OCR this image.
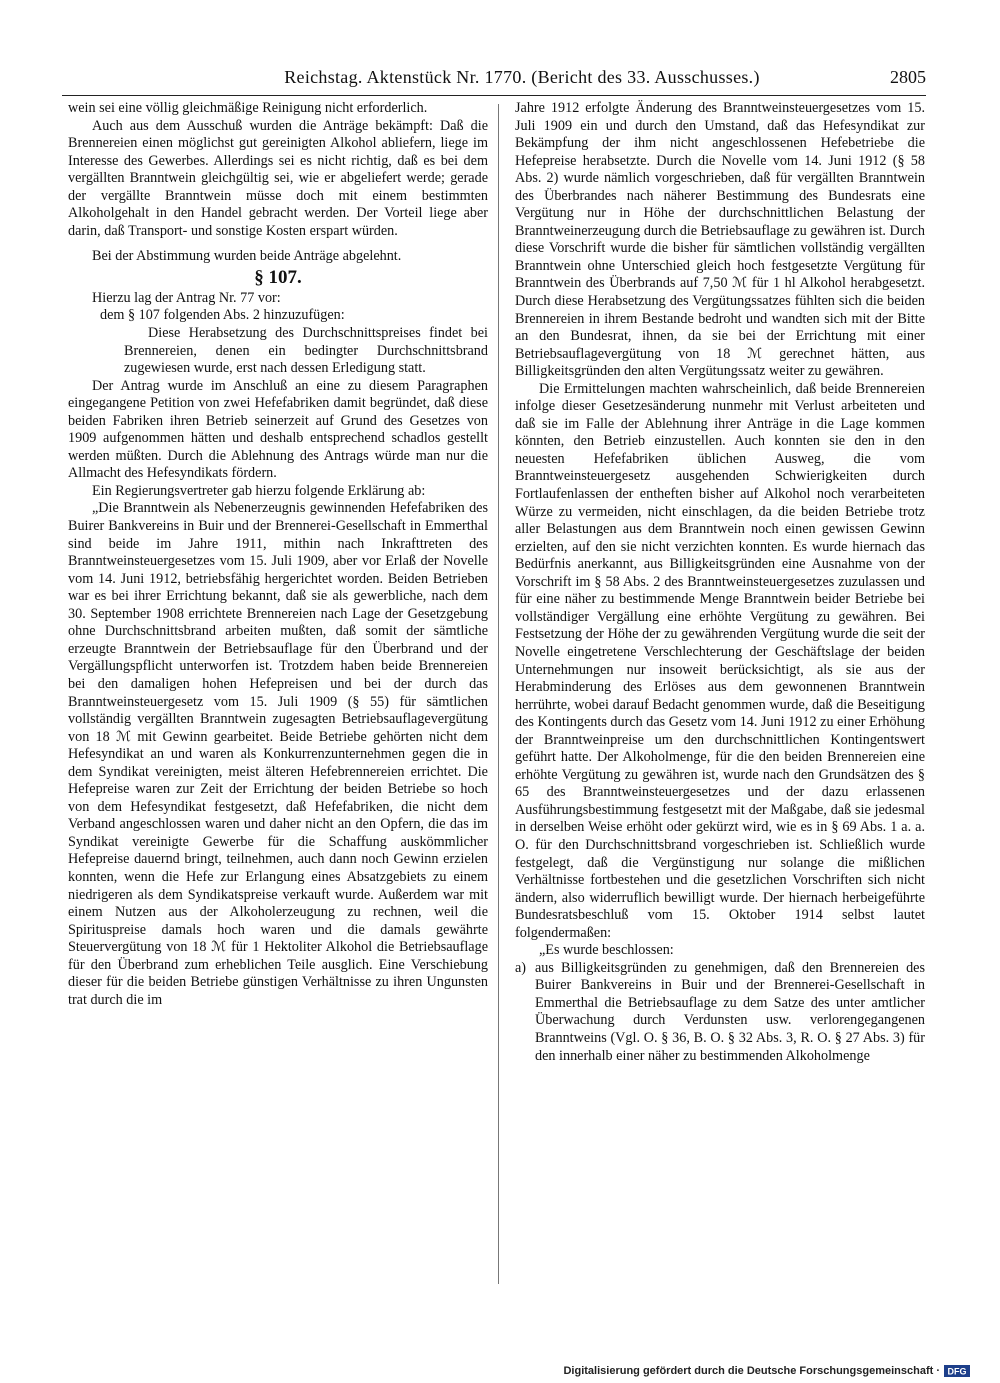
Reichstag. Aktenstück Nr. 1770. (Bericht des 33. Ausschusses.)	2805

wein sei eine völlig gleichmäßige Reinigung nicht erforderlich.

Auch aus dem Ausschuß wurden die Anträge bekämpft: Daß die Brennereien einen möglichst gut gereinigten Alkohol abliefern, liege im Interesse des Gewerbes. Allerdings sei es nicht richtig, daß es bei dem vergällten Branntwein gleichgültig sei, wie er abgeliefert werde; gerade der vergällte Branntwein müsse doch mit einem bestimmten Alkoholgehalt in den Handel gebracht werden. Der Vorteil liege aber darin, daß Transport- und sonstige Kosten erspart würden.

Bei der Abstimmung wurden beide Anträge abgelehnt.

§ 107.

Hierzu lag der Antrag Nr. 77 vor:

dem § 107 folgenden Abs. 2 hinzuzufügen:

Diese Herabsetzung des Durchschnittspreises findet bei Brennereien, denen ein bedingter Durchschnittsbrand zugewiesen wurde, erst nach dessen Erledigung statt.

Der Antrag wurde im Anschluß an eine zu diesem Paragraphen eingegangene Petition von zwei Hefefabriken damit begründet, daß diese beiden Fabriken ihren Betrieb seinerzeit auf Grund des Gesetzes von 1909 aufgenommen hätten und deshalb entsprechend schadlos gestellt werden müßten. Durch die Ablehnung des Antrags würde man nur die Allmacht des Hefesyndikats fördern.

Ein Regierungsvertreter gab hierzu folgende Erklärung ab:

„Die Branntwein als Nebenerzeugnis gewinnenden Hefefabriken des Buirer Bankvereins in Buir und der Brennerei-Gesellschaft in Emmerthal sind beide im Jahre 1911, mithin nach Inkrafttreten des Branntweinsteuergesetzes vom 15. Juli 1909, aber vor Erlaß der Novelle vom 14. Juni 1912, betriebsfähig hergerichtet worden. Beiden Betrieben war es bei ihrer Errichtung bekannt, daß sie als gewerbliche, nach dem 30. September 1908 errichtete Brennereien nach Lage der Gesetzgebung ohne Durchschnittsbrand arbeiten mußten, daß somit der sämtliche erzeugte Branntwein der Betriebsauflage für den Überbrand und der Vergällungspflicht unterworfen ist. Trotzdem haben beide Brennereien bei den damaligen hohen Hefepreisen und bei der durch das Branntweinsteuergesetz vom 15. Juli 1909 (§ 55) für sämtlichen vollständig vergällten Branntwein zugesagten Betriebsauflagevergütung von 18 ℳ mit Gewinn gearbeitet. Beide Betriebe gehörten nicht dem Hefesyndikat an und waren als Konkurrenzunternehmen gegen die in dem Syndikat vereinigten, meist älteren Hefebrennereien errichtet. Die Hefepreise waren zur Zeit der Errichtung der beiden Betriebe so hoch von dem Hefesyndikat festgesetzt, daß Hefefabriken, die nicht dem Verband angeschlossen waren und daher nicht an den Opfern, die das im Syndikat vereinigte Gewerbe für die Schaffung auskömmlicher Hefepreise dauernd bringt, teilnehmen, auch dann noch Gewinn erzielen konnten, wenn die Hefe zur Erlangung eines Absatzgebiets zu einem niedrigeren als dem Syndikatspreise verkauft wurde. Außerdem war mit einem Nutzen aus der Alkoholerzeugung zu rechnen, weil die Spirituspreise damals hoch waren und die damals gewährte Steuervergütung von 18 ℳ für 1 Hektoliter Alkohol die Betriebsauflage für den Überbrand zum erheblichen Teile ausglich. Eine Verschiebung dieser für die beiden Betriebe günstigen Verhältnisse zu ihren Ungunsten trat durch die im

Jahre 1912 erfolgte Änderung des Branntweinsteuergesetzes vom 15. Juli 1909 ein und durch den Umstand, daß das Hefesyndikat zur Bekämpfung der ihm nicht angeschlossenen Hefebetriebe die Hefepreise herabsetzte. Durch die Novelle vom 14. Juni 1912 (§ 58 Abs. 2) wurde nämlich vorgeschrieben, daß für vergällten Branntwein des Überbrandes nach näherer Bestimmung des Bundesrats eine Vergütung nur in Höhe der durchschnittlichen Belastung der Branntweinerzeugung durch die Betriebsauflage zu gewähren ist. Durch diese Vorschrift wurde die bisher für sämtlichen vollständig vergällten Branntwein ohne Unterschied gleich hoch festgesetzte Vergütung für Branntwein des Überbrands auf 7,50 ℳ für 1 hl Alkohol herabgesetzt. Durch diese Herabsetzung des Vergütungssatzes fühlten sich die beiden Brennereien in ihrem Bestande bedroht und wandten sich mit der Bitte an den Bundesrat, ihnen, da sie bei der Errichtung mit einer Betriebsauflagevergütung von 18 ℳ gerechnet hätten, aus Billigkeitsgründen den alten Vergütungssatz weiter zu gewähren.

Die Ermittelungen machten wahrscheinlich, daß beide Brennereien infolge dieser Gesetzesänderung nunmehr mit Verlust arbeiteten und daß sie im Falle der Ablehnung ihrer Anträge in die Lage kommen könnten, den Betrieb einzustellen. Auch konnten sie den in den neuesten Hefefabriken üblichen Ausweg, die vom Branntweinsteuergesetz ausgehenden Schwierigkeiten durch Fortlaufenlassen der entheften bisher auf Alkohol noch verarbeiteten Würze zu vermeiden, nicht einschlagen, da die beiden Betriebe trotz aller Belastungen aus dem Branntwein noch einen gewissen Gewinn erzielten, auf den sie nicht verzichten konnten. Es wurde hiernach das Bedürfnis anerkannt, aus Billigkeitsgründen eine Ausnahme von der Vorschrift im § 58 Abs. 2 des Branntweinsteuergesetzes zuzulassen und für eine näher zu bestimmende Menge Branntwein beider Betriebe bei vollständiger Vergällung eine erhöhte Vergütung zu gewähren. Bei Festsetzung der Höhe der zu gewährenden Vergütung wurde die seit der Novelle eingetretene Verschlechterung der Geschäftslage der beiden Unternehmungen nur insoweit berücksichtigt, als sie aus der Herabminderung des Erlöses aus dem gewonnenen Branntwein herrührte, wobei darauf Bedacht genommen wurde, daß die Beseitigung des Kontingents durch das Gesetz vom 14. Juni 1912 zu einer Erhöhung der Branntweinpreise um den durchschnittlichen Kontingentswert geführt hatte. Der Alkoholmenge, für die den beiden Brennereien eine erhöhte Vergütung zu gewähren ist, wurde nach den Grundsätzen des § 65 des Branntweinsteuergesetzes und der dazu erlassenen Ausführungsbestimmung festgesetzt mit der Maßgabe, daß sie jedesmal in derselben Weise erhöht oder gekürzt wird, wie es in § 69 Abs. 1 a. a. O. für den Durchschnittsbrand vorgeschrieben ist. Schließlich wurde festgelegt, daß die Vergünstigung nur solange die mißlichen Verhältnisse fortbestehen und die gesetzlichen Vorschriften sich nicht ändern, also widerruflich bewilligt wurde. Der hiernach herbeigeführte Bundesratsbeschluß vom 15. Oktober 1914 selbst lautet folgendermaßen:

„Es wurde beschlossen:

a) aus Billigkeitsgründen zu genehmigen, daß den Brennereien des Buirer Bankvereins in Buir und der Brennerei-Gesellschaft in Emmerthal die Betriebsauflage zu dem Satze des unter amtlicher Überwachung durch Verdunsten usw. verlorengegangenen Branntweins (Vgl. O. § 36, B. O. § 32 Abs. 3, R. O. § 27 Abs. 3) für den innerhalb einer näher zu bestimmenden Alkoholmenge
Digitalisierung gefördert durch die Deutsche Forschungsgemeinschaft · DFG
